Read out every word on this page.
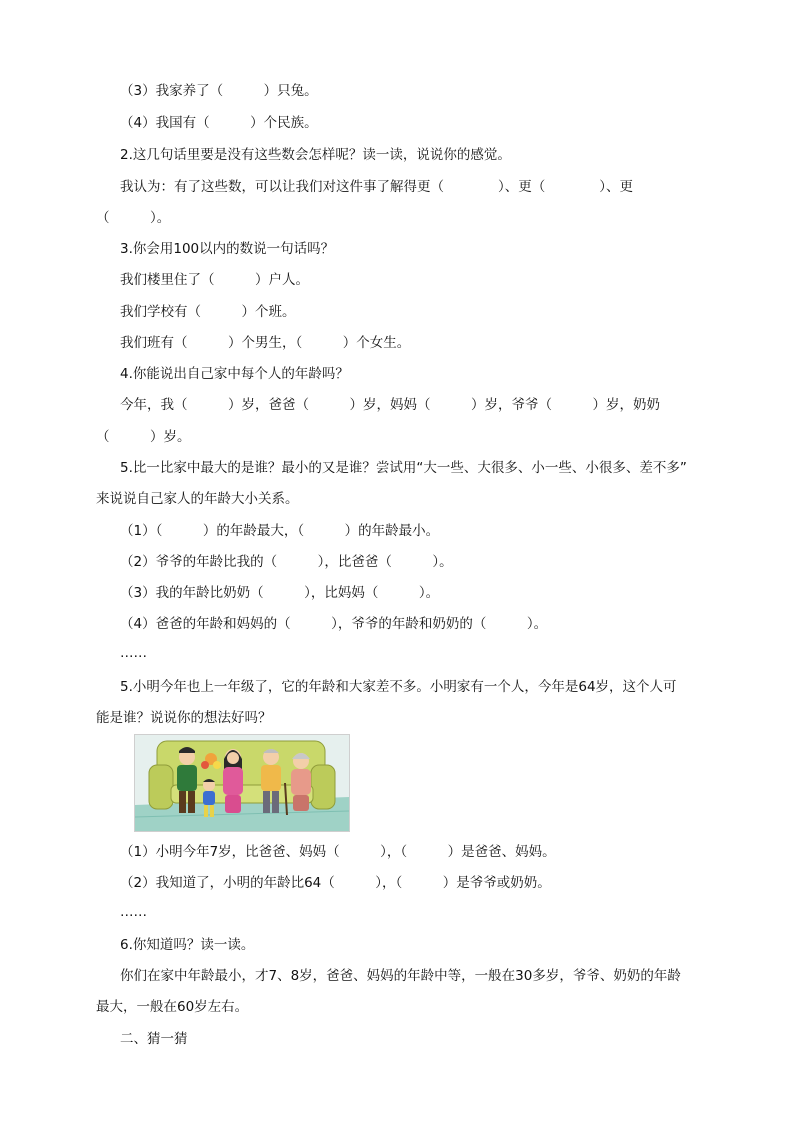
（3）我家养了（　　　）只兔。
（4）我国有（　　　）个民族。
2.这几句话里要是没有这些数会怎样呢？读一读，说说你的感觉。
我认为：有了这些数，可以让我们对这件事了解得更（　　　　）、更（　　　　）、更
（　　　）。
3.你会用100以内的数说一句话吗？
我们楼里住了（　　　）户人。
我们学校有（　　　）个班。
我们班有（　　　）个男生，（　　　）个女生。
4.你能说出自己家中每个人的年龄吗？
今年，我（　　　）岁，爸爸（　　　）岁，妈妈（　　　）岁，爷爷（　　　）岁，奶奶
（　　　）岁。
5.比一比家中最大的是谁？最小的又是谁？尝试用“大一些、大很多、小一些、小很多、差不多”
来说说自己家人的年龄大小关系。
（1）（　　　）的年龄最大，（　　　）的年龄最小。
（2）爷爷的年龄比我的（　　　），比爸爸（　　　）。
（3）我的年龄比奶奶（　　　），比妈妈（　　　）。
（4）爸爸的年龄和妈妈的（　　　），爷爷的年龄和奶奶的（　　　）。
……
5.小明今年也上一年级了，它的年龄和大家差不多。小明家有一个人，今年是64岁，这个人可
能是谁？说说你的想法好吗？
（1）小明今年7岁，比爸爸、妈妈（　　　），（　　　）是爸爸、妈妈。
（2）我知道了，小明的年龄比64（　　　），（　　　）是爷爷或奶奶。
……
6.你知道吗？读一读。
你们在家中年龄最小，才7、8岁，爸爸、妈妈的年龄中等，一般在30多岁，爷爷、奶奶的年龄
最大，一般在60岁左右。
二、猜一猜
